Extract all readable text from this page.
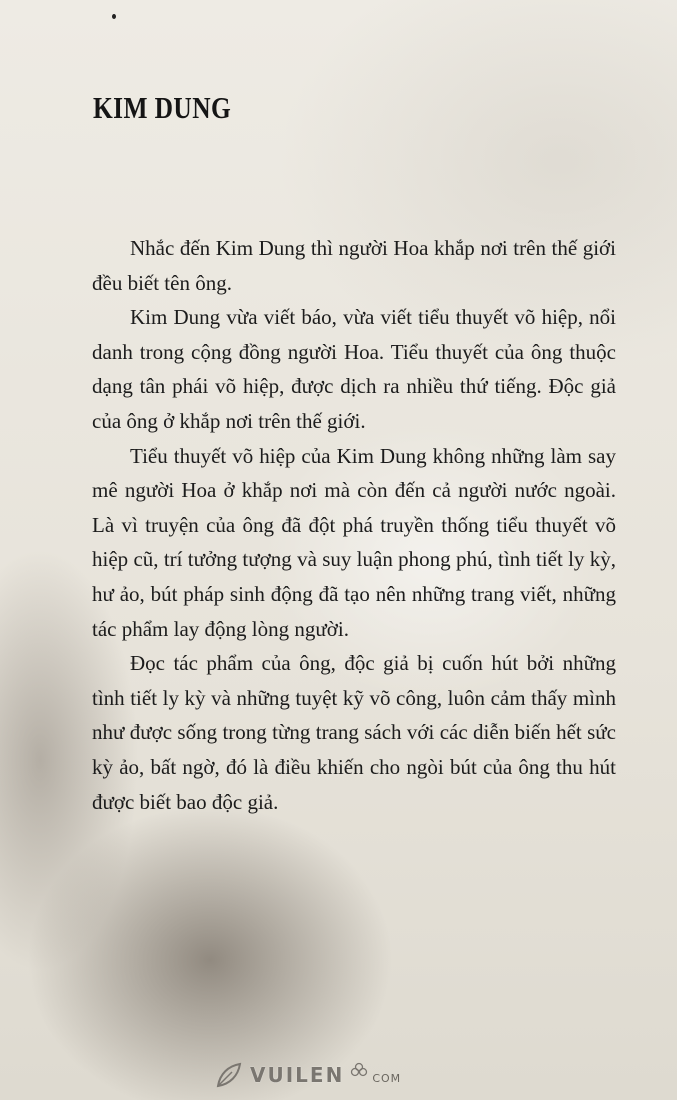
KIM DUNG

Nhắc đến Kim Dung thì người Hoa khắp nơi trên thế giới đều biết tên ông.

Kim Dung vừa viết báo, vừa viết tiểu thuyết võ hiệp, nổi danh trong cộng đồng người Hoa. Tiểu thuyết của ông thuộc dạng tân phái võ hiệp, được dịch ra nhiều thứ tiếng. Độc giả của ông ở khắp nơi trên thế giới.

Tiểu thuyết võ hiệp của Kim Dung không những làm say mê người Hoa ở khắp nơi mà còn đến cả người nước ngoài. Là vì truyện của ông đã đột phá truyền thống tiểu thuyết võ hiệp cũ, trí tưởng tượng và suy luận phong phú, tình tiết ly kỳ, hư ảo, bút pháp sinh động đã tạo nên những trang viết, những tác phẩm lay động lòng người.

Đọc tác phẩm của ông, độc giả bị cuốn hút bởi những tình tiết ly kỳ và những tuyệt kỹ võ công, luôn cảm thấy mình như được sống trong từng trang sách với các diễn biến hết sức kỳ ảo, bất ngờ, đó là điều khiến cho ngòi bút của ông thu hút được biết bao độc giả.

VUILEN	COM
